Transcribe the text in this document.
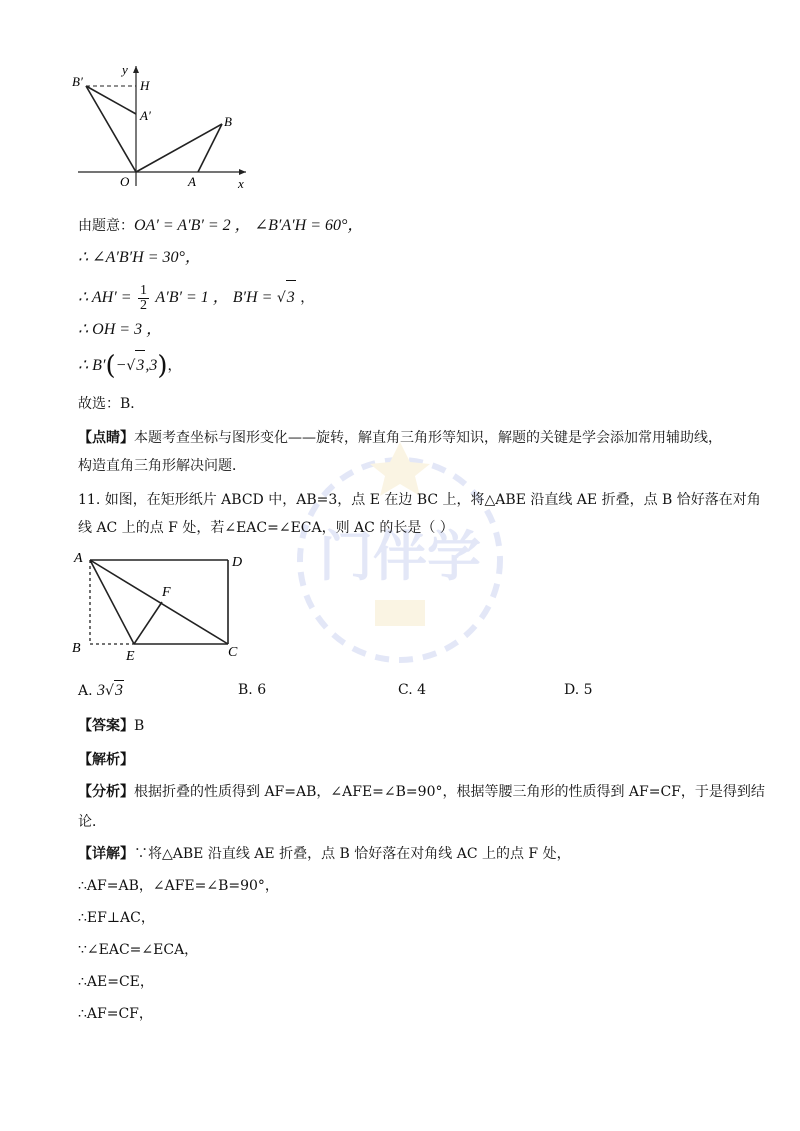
门伴学
B′
y
H
A′	B
O	A	x
由题意：OA′ = A′B′ = 2 ， ∠B′A′H = 60°，
∴ ∠A′B′H = 30°，
∴ $AH' = \frac{1}{2} A'B' = 1$ ， B′H = √3 ，
∴ OH = 3 ，
∴ B′(−√3,3)，
故选：B．
【点睛】本题考查坐标与图形变化——旋转，解直角三角形等知识，解题的关键是学会添加常用辅助线，
构造直角三角形解决问题．
11. 如图，在矩形纸片 ABCD 中，AB=3，点 E 在边 BC 上，将△ABE 沿直线 AE 折叠，点 B 恰好落在对角
线 AC 上的点 F 处，若∠EAC=∠ECA，则 AC 的长是（ ）
A	D
F
B
E	C
A. 3√3	B. 6	C. 4	D. 5
【答案】B
【解析】
【分析】根据折叠的性质得到 AF=AB，∠AFE=∠B=90°，根据等腰三角形的性质得到 AF=CF，于是得到结
论．
【详解】∵将△ABE 沿直线 AE 折叠，点 B 恰好落在对角线 AC 上的点 F 处，
∴AF=AB，∠AFE=∠B=90°，
∴EF⊥AC，
∵∠EAC=∠ECA，
∴AE=CE，
∴AF=CF，
